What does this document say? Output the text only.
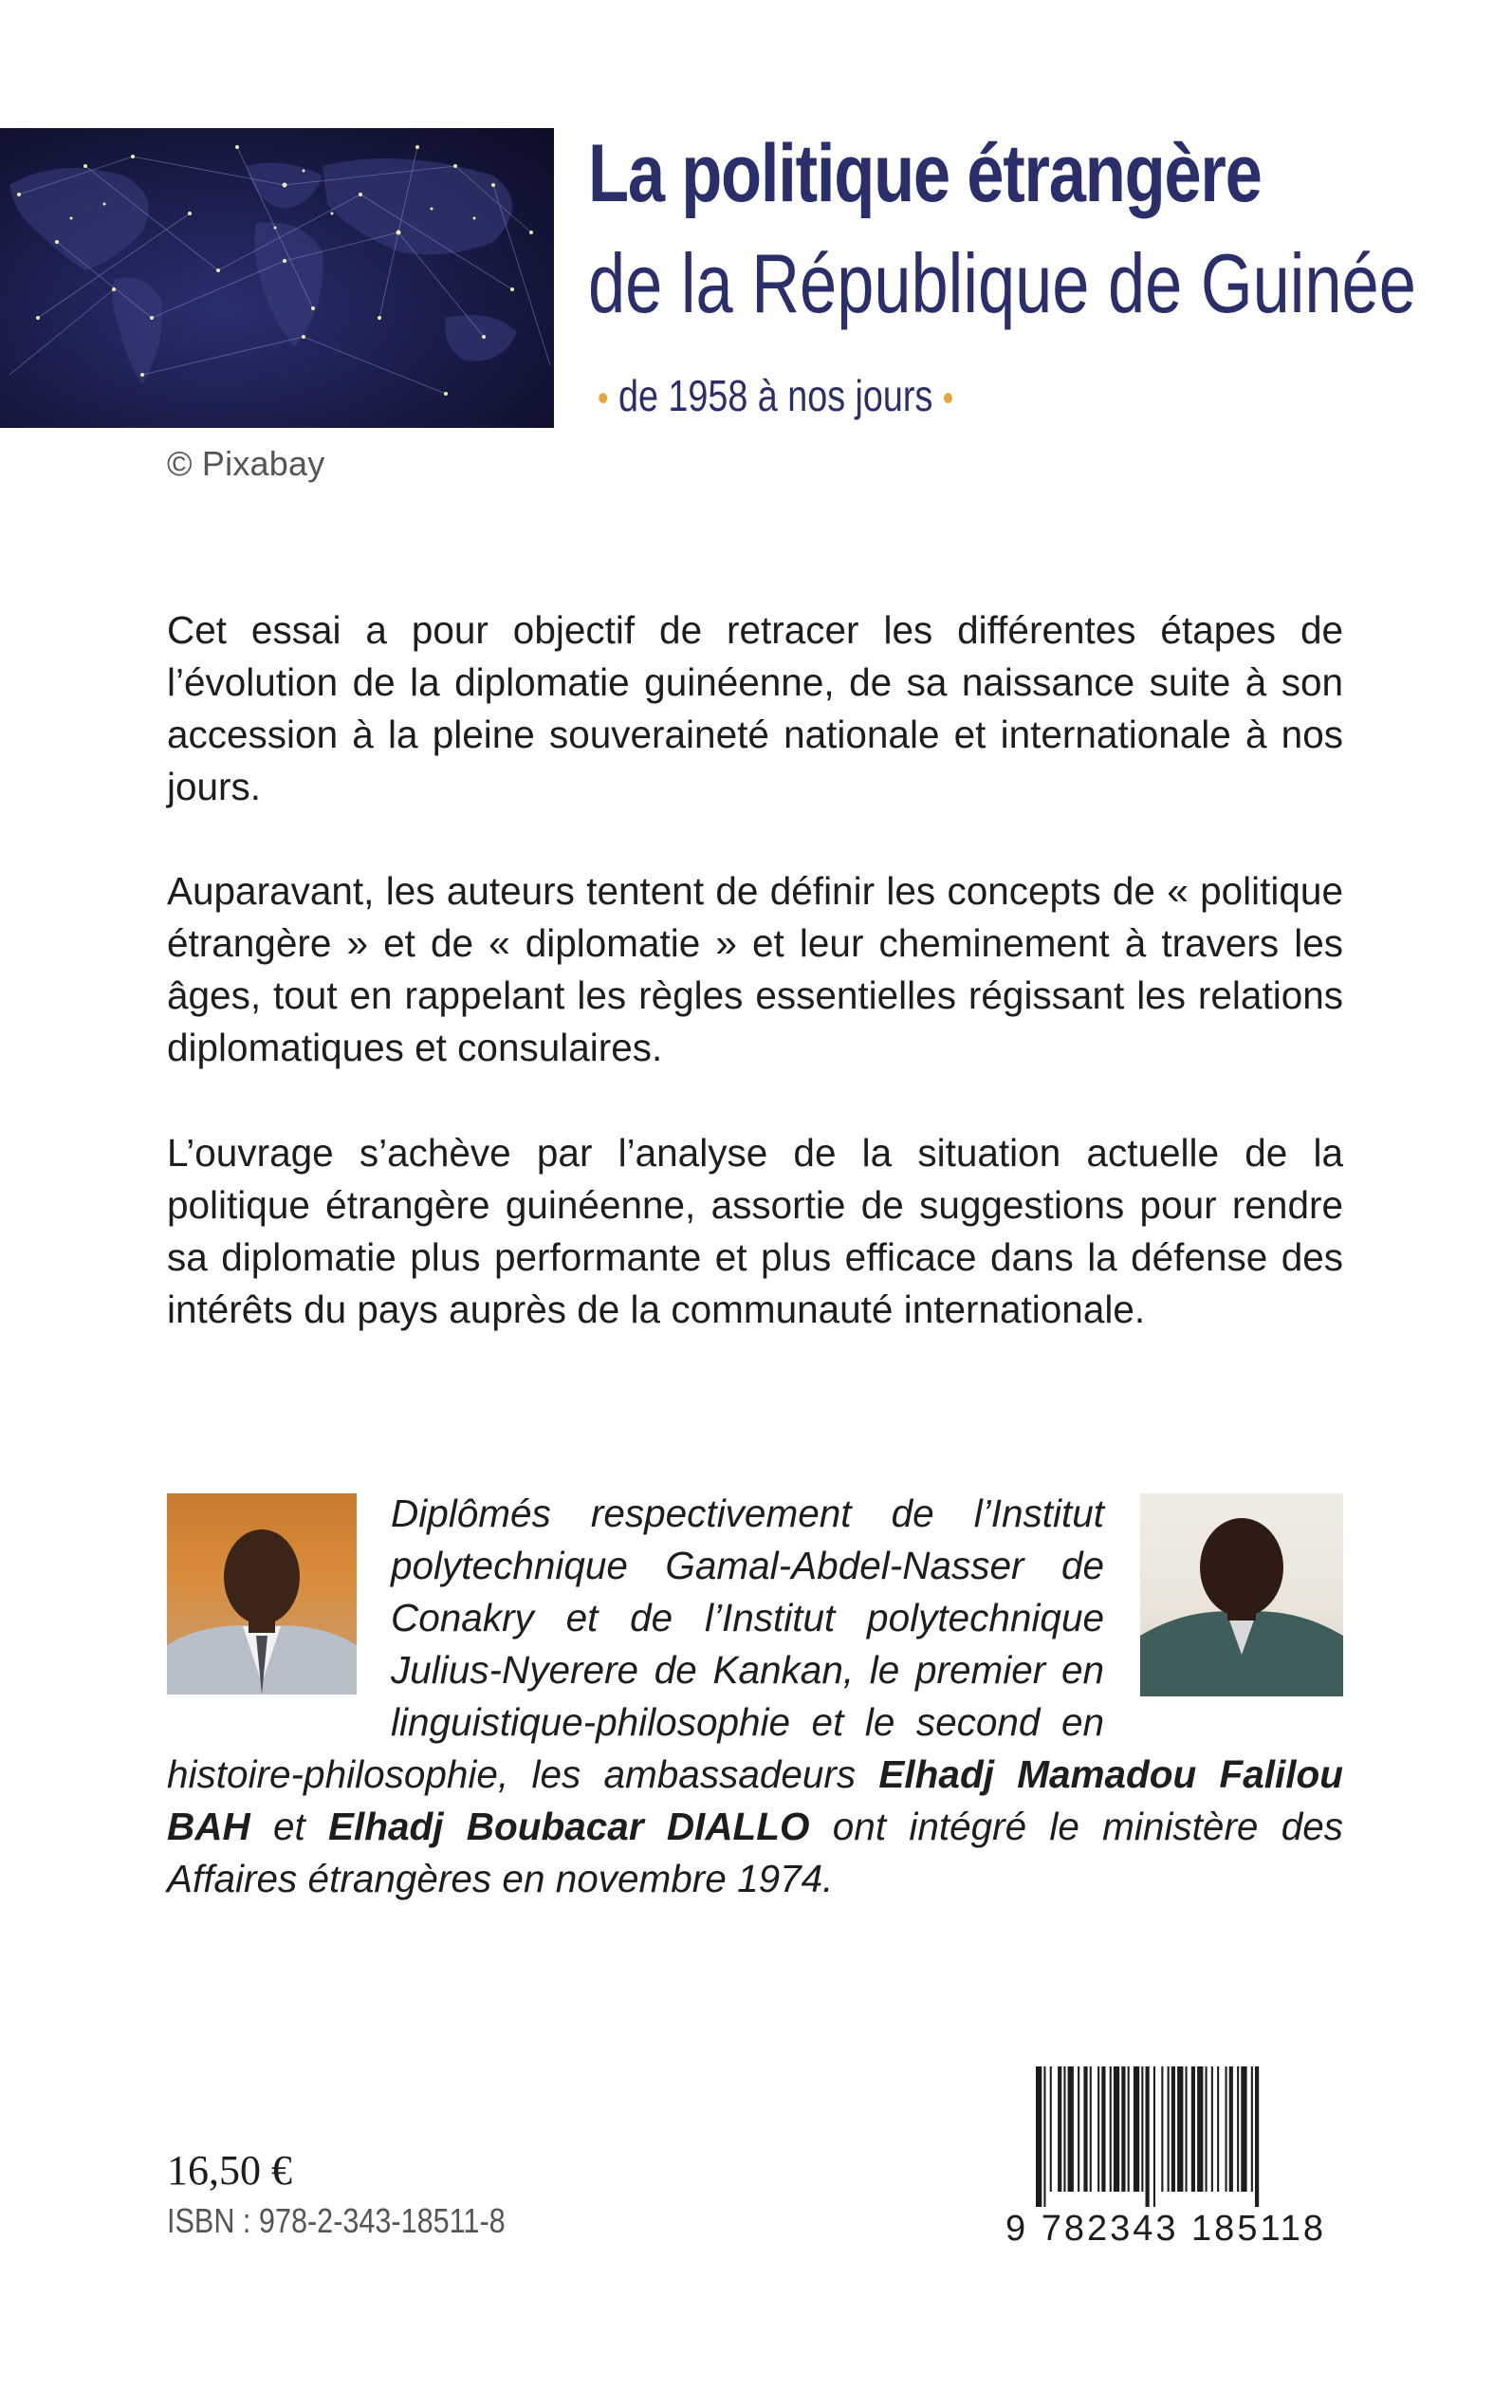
© Pixabay
La politique étrangère
de la République de Guinée
• de 1958 à nos jours •
Cet essai a pour objectif de retracer les différentes étapes de l’évolution de la diplomatie guinéenne, de sa naissance suite à son accession à la pleine souveraineté nationale et internationale à nos jours.
Auparavant, les auteurs tentent de définir les concepts de « politique étrangère » et de « diplomatie » et leur cheminement à travers les âges, tout en rappelant les règles essentielles régissant les relations diplomatiques et consulaires.
L’ouvrage s’achève par l’analyse de la situation actuelle de la politique étrangère guinéenne, assortie de suggestions pour rendre sa diplomatie plus performante et plus efficace dans la défense des intérêts du pays auprès de la communauté internationale.
Diplômés respectivement de l’Institut polytechnique Gamal-Abdel-Nasser de Conakry et de l’Institut polytechnique Julius-Nyerere de Kankan, le premier en linguistique-philosophie et le second en histoire-philosophie, les ambassadeurs Elhadj Mamadou Falilou BAH et Elhadj Boubacar DIALLO ont intégré le ministère des Affaires étrangères en novembre 1974.
16,50 €
ISBN : 978-2-343-18511-8	9 782343 185118
